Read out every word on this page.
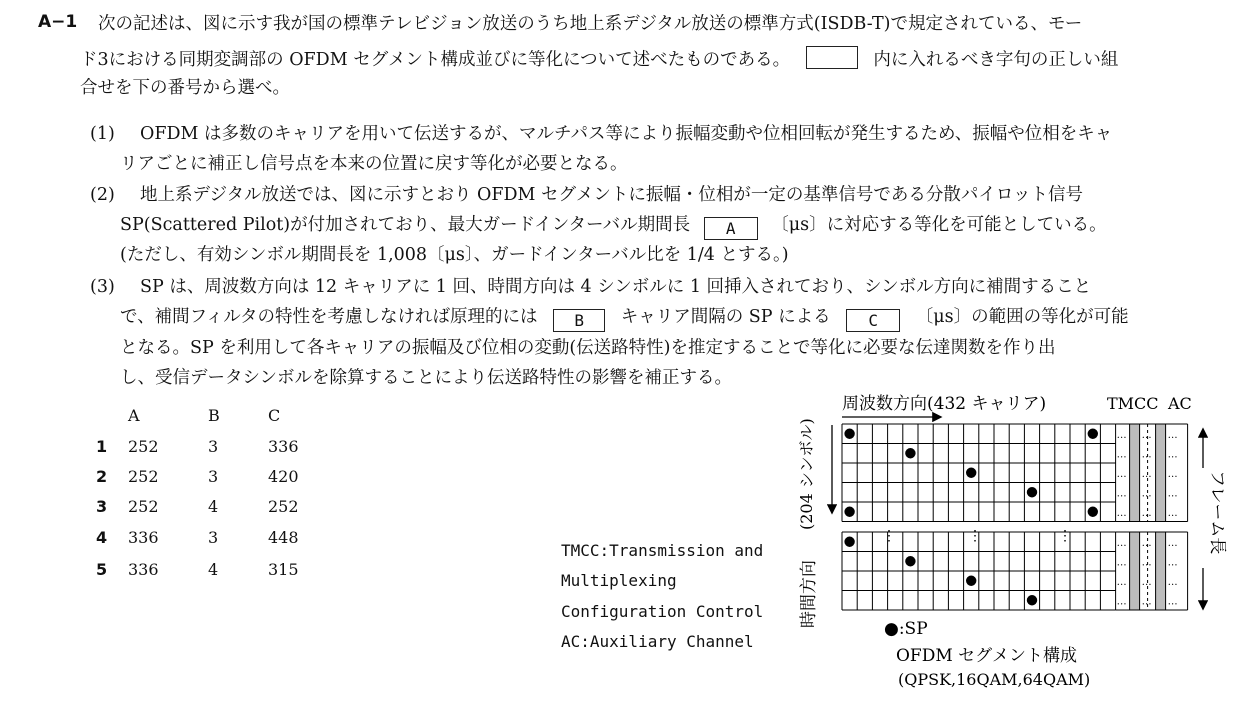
A−1 次の記述は、図に示す我が国の標準テレビジョン放送のうち地上系デジタル放送の標準方式(ISDB-T)で規定されている、モー
ド3における同期変調部の OFDM セグメント構成並びに等化について述べたものである。	内に入れるべき字句の正しい組
合せを下の番号から選べ。
(1) OFDM は多数のキャリアを用いて伝送するが、マルチパス等により振幅変動や位相回転が発生するため、振幅や位相をキャ
リアごとに補正し信号点を本来の位置に戻す等化が必要となる。
(2) 地上系デジタル放送では、図に示すとおり OFDM セグメントに振幅・位相が一定の基準信号である分散パイロット信号
SP(Scattered Pilot)が付加されており、最大ガードインターバル期間長 A 〔μs〕に対応する等化を可能としている。
(ただし、有効シンボル期間長を 1,008〔μs〕、ガードインターバル比を 1/4 とする。)
(3) SP は、周波数方向は 12 キャリアに 1 回、時間方向は 4 シンボルに 1 回挿入されており、シンボル方向に補間すること
で、補間フィルタの特性を考慮しなければ原理的には B キャリア間隔の SP による C 〔μs〕の範囲の等化が可能
となる。SP を利用して各キャリアの振幅及び位相の変動(伝送路特性)を推定することで等化に必要な伝達関数を作り出
し、受信データシンボルを除算することにより伝送路特性の影響を補正する。
A	B	C
1 252	3	336
2 252	3	420
3 252	4	252
4 336	3	448
5 336	4	315
TMCC:Transmission and
Multiplexing
Configuration Control
AC:Auxiliary Channel
周波数方向(432 キャリア)	TMCC AC
(204 シンボル)
時間方向
… … …
… … …
… … …
… … …
… … …
… … …
… … …
… … …
… … …
⋮	⋮	⋮	フレーム長
●:SP
OFDM セグメント構成
(QPSK,16QAM,64QAM)
